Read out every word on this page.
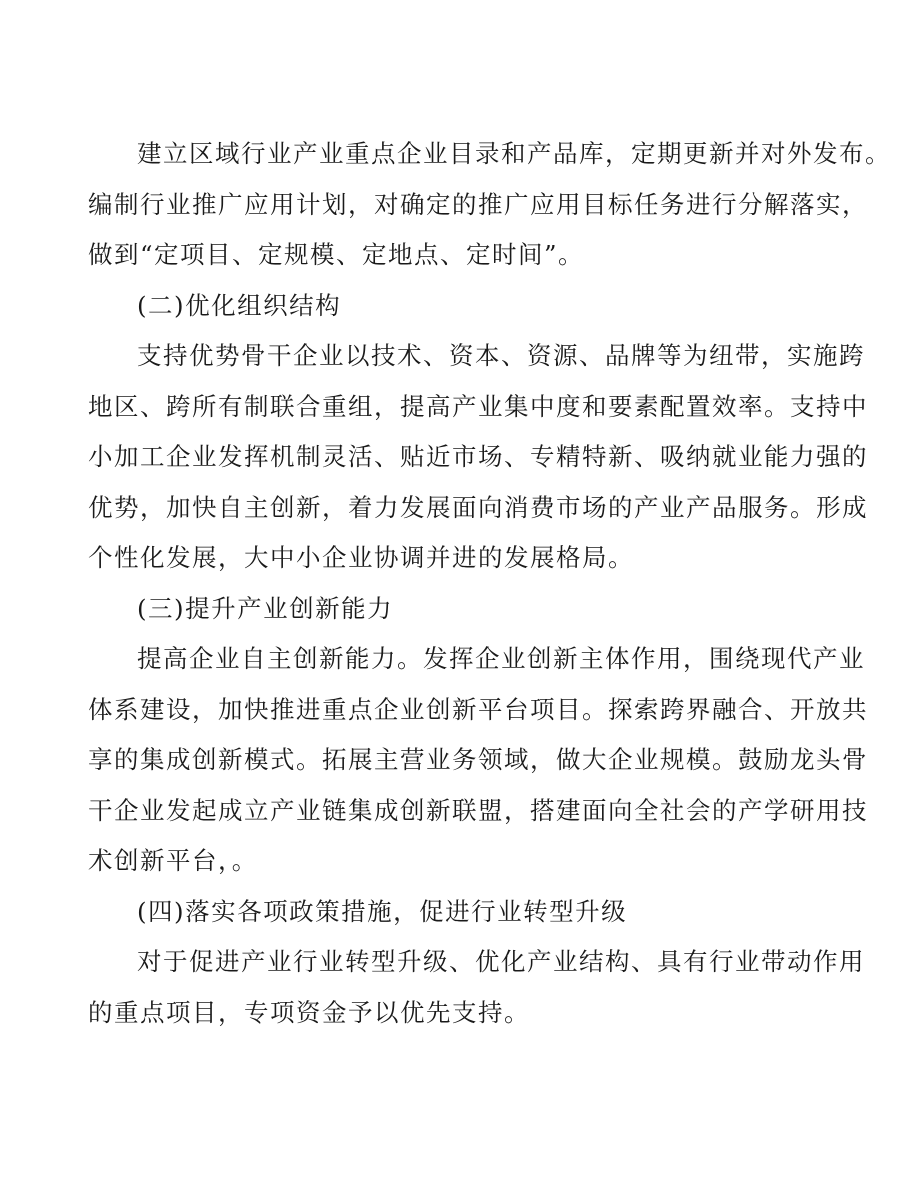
建立区域行业产业重点企业目录和产品库，定期更新并对外发布。
编制行业推广应用计划，对确定的推广应用目标任务进行分解落实，
做到“定项目、定规模、定地点、定时间”。

(二)优化组织结构

支持优势骨干企业以技术、资本、资源、品牌等为纽带，实施跨
地区、跨所有制联合重组，提高产业集中度和要素配置效率。支持中
小加工企业发挥机制灵活、贴近市场、专精特新、吸纳就业能力强的
优势，加快自主创新，着力发展面向消费市场的产业产品服务。形成
个性化发展，大中小企业协调并进的发展格局。

(三)提升产业创新能力

提高企业自主创新能力。发挥企业创新主体作用，围绕现代产业
体系建设，加快推进重点企业创新平台项目。探索跨界融合、开放共
享的集成创新模式。拓展主营业务领域，做大企业规模。鼓励龙头骨
干企业发起成立产业链集成创新联盟，搭建面向全社会的产学研用技
术创新平台，。

(四)落实各项政策措施，促进行业转型升级

对于促进产业行业转型升级、优化产业结构、具有行业带动作用
的重点项目，专项资金予以优先支持。
